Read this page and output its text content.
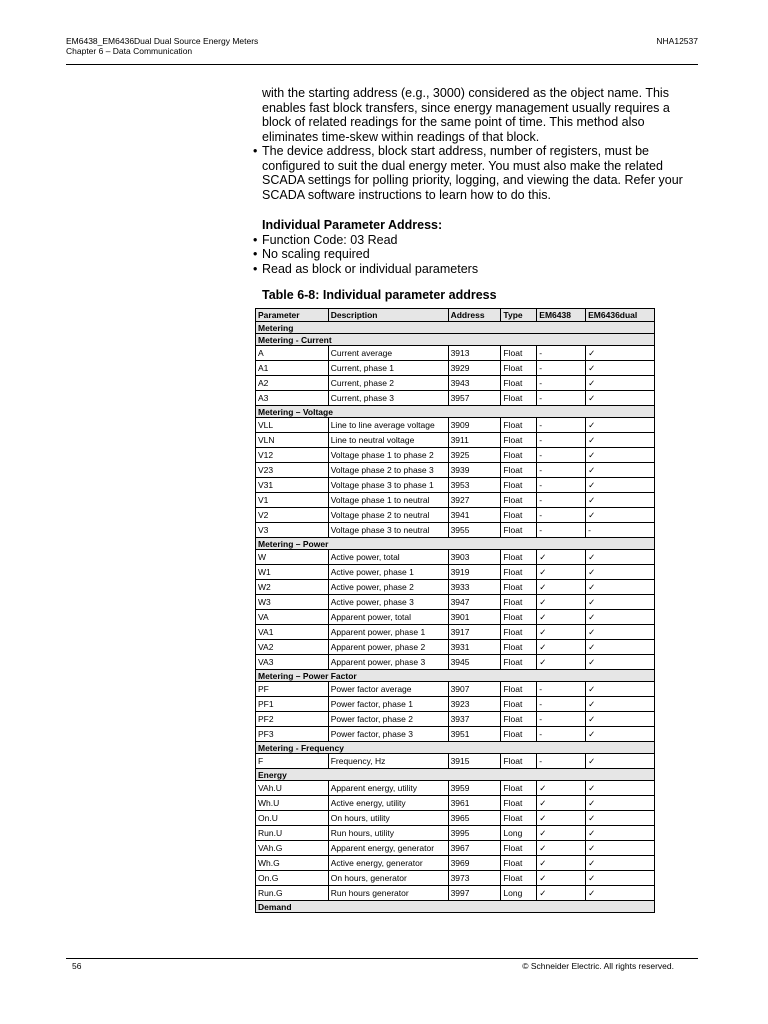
EM6438_EM6436Dual Dual Source Energy Meters
Chapter 6 – Data Communication
NHA12537

with the starting address (e.g., 3000) considered as the object name. This enables fast block transfers, since energy management usually requires a block of related readings for the same point of time. This method also eliminates time-skew within readings of that block.

• The device address, block start address, number of registers, must be configured to suit the dual energy meter. You must also make the related SCADA settings for polling priority, logging, and viewing the data. Refer your SCADA software instructions to learn how to do this.
Individual Parameter Address:
• Function Code: 03 Read
• No scaling required
• Read as block or individual parameters
Table 6-8: Individual parameter address
Parameter	Description	Address	Type	EM6438	EM6436dual
Metering					
Metering - Current					
A	Current average	3913	Float	-	✓
A1	Current, phase 1	3929	Float	-	✓
A2	Current, phase 2	3943	Float	-	✓
A3	Current, phase 3	3957	Float	-	✓
Metering – Voltage					
VLL	Line to line average voltage	3909	Float	-	✓
VLN	Line to neutral voltage	3911	Float	-	✓
V12	Voltage phase 1 to phase 2	3925	Float	-	✓
V23	Voltage phase 2 to phase 3	3939	Float	-	✓
V31	Voltage phase 3 to phase 1	3953	Float	-	✓
V1	Voltage phase 1 to neutral	3927	Float	-	✓
V2	Voltage phase 2 to neutral	3941	Float	-	✓
V3	Voltage phase 3 to neutral	3955	Float	-	-
Metering – Power					
W	Active power, total	3903	Float	✓	✓
W1	Active power, phase 1	3919	Float	✓	✓
W2	Active power, phase 2	3933	Float	✓	✓
W3	Active power, phase 3	3947	Float	✓	✓
VA	Apparent power, total	3901	Float	✓	✓
VA1	Apparent power, phase 1	3917	Float	✓	✓
VA2	Apparent power, phase 2	3931	Float	✓	✓
VA3	Apparent power, phase 3	3945	Float	✓	✓
Metering – Power Factor					
PF	Power factor average	3907	Float	-	✓
PF1	Power factor, phase 1	3923	Float	-	✓
PF2	Power factor, phase 2	3937	Float	-	✓
PF3	Power factor, phase 3	3951	Float	-	✓
Metering - Frequency					
F	Frequency, Hz	3915	Float	-	✓
Energy					
VAh.U	Apparent energy, utility	3959	Float	✓	✓
Wh.U	Active energy, utility	3961	Float	✓	✓
On.U	On hours, utility	3965	Float	✓	✓
Run.U	Run hours, utility	3995	Long	✓	✓
VAh.G	Apparent energy, generator	3967	Float	✓	✓
Wh.G	Active energy, generator	3969	Float	✓	✓
On.G	On hours, generator	3973	Float	✓	✓
Run.G	Run hours generator	3997	Long	✓	✓
Demand					
56	© Schneider Electric. All rights reserved.
